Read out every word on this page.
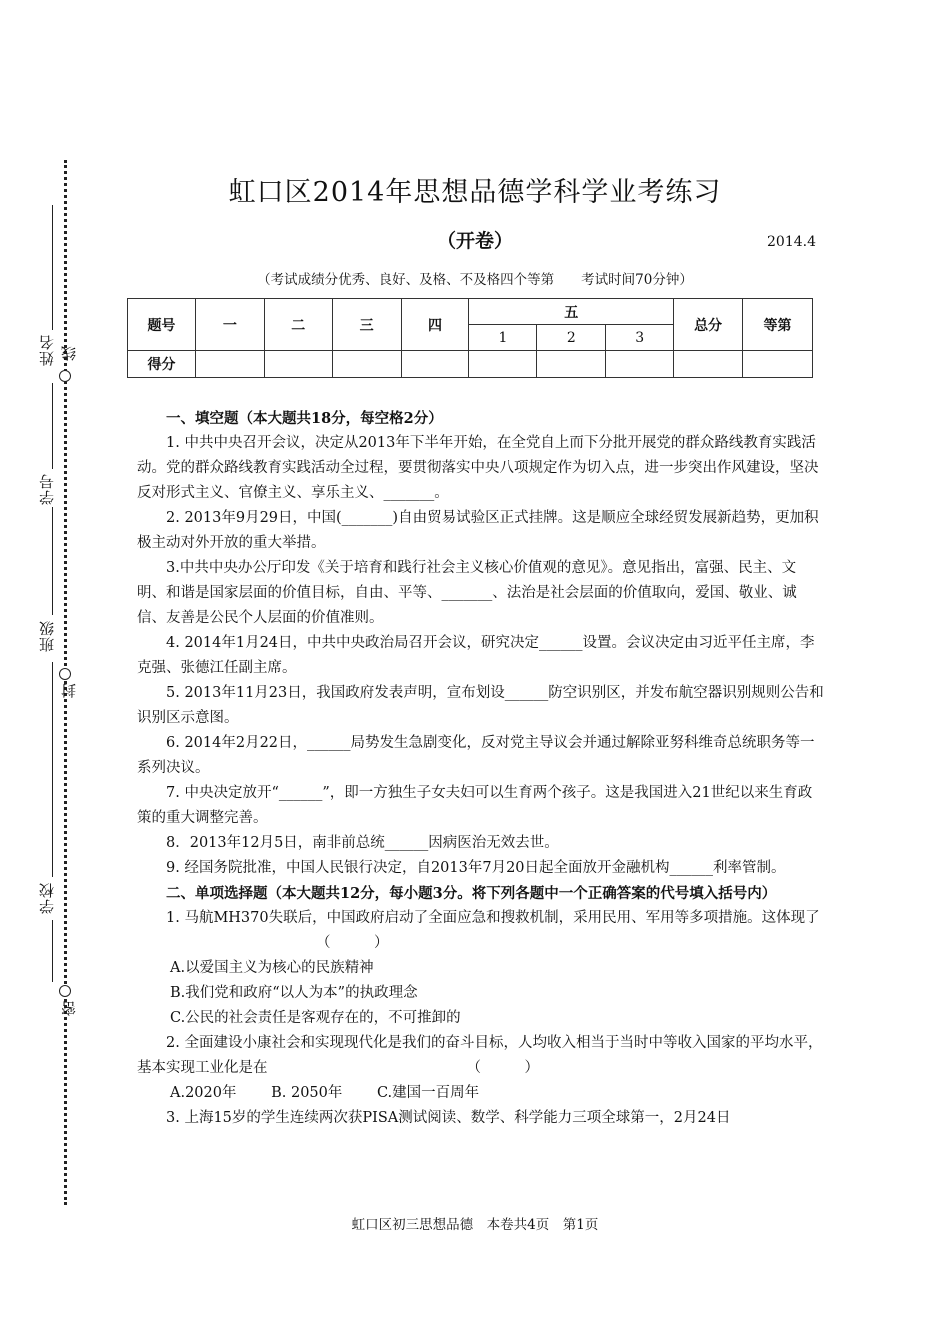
姓名 线
学号
班级
封
学校
密
虹口区2014年思想品德学科学业考练习
（开卷）	2014.4
（考试成绩分优秀、良好、及格、不及格四个等第　　考试时间70分钟）
题号	一	二	三	四	五			总分	等第
					1	2	3		
得分									

一、填空题（本大题共18分，每空格2分）

1. 中共中央召开会议，决定从2013年下半年开始，在全党自上而下分批开展党的群众路线教育实践活动。党的群众路线教育实践活动全过程，要贯彻落实中央八项规定作为切入点，进一步突出作风建设，坚决反对形式主义、官僚主义、享乐主义、_______。

2. 2013年9月29日，中国(_______)自由贸易试验区正式挂牌。这是顺应全球经贸发展新趋势，更加积极主动对外开放的重大举措。

3.中共中央办公厅印发《关于培育和践行社会主义核心价值观的意见》。意见指出，富强、民主、文明、和谐是国家层面的价值目标，自由、平等、_______、法治是社会层面的价值取向，爱国、敬业、诚信、友善是公民个人层面的价值准则。

4. 2014年1月24日，中共中央政治局召开会议，研究决定______设置。会议决定由习近平任主席，李克强、张德江任副主席。

5. 2013年11月23日，我国政府发表声明，宣布划设______防空识别区，并发布航空器识别规则公告和识别区示意图。

6. 2014年2月22日，______局势发生急剧变化，反对党主导议会并通过解除亚努科维奇总统职务等一系列决议。

7. 中央决定放开“______”，即一方独生子女夫妇可以生育两个孩子。这是我国进入21世纪以来生育政策的重大调整完善。

8．2013年12月5日，南非前总统______因病医治无效去世。

9. 经国务院批准，中国人民银行决定，自2013年7月20日起全面放开金融机构______利率管制。

二、单项选择题（本大题共12分，每小题3分。将下列各题中一个正确答案的代号填入括号内）

1. 马航MH370失联后，中国政府启动了全面应急和搜救机制，采用民用、军用等多项措施。这体现了（　　　）

A.以爱国主义为核心的民族精神

B.我们党和政府“以人为本”的执政理念

C.公民的社会责任是客观存在的，不可推卸的

2. 全面建设小康社会和实现现代化是我们的奋斗目标，人均收入相当于当时中等收入国家的平均水平，基本实现工业化是在	（　　　）

A.2020年 B. 2050年 C.建国一百周年

3. 上海15岁的学生连续两次获PISA测试阅读、数学、科学能力三项全球第一，2月24日

虹口区初三思想品德　本卷共4页　第1页
